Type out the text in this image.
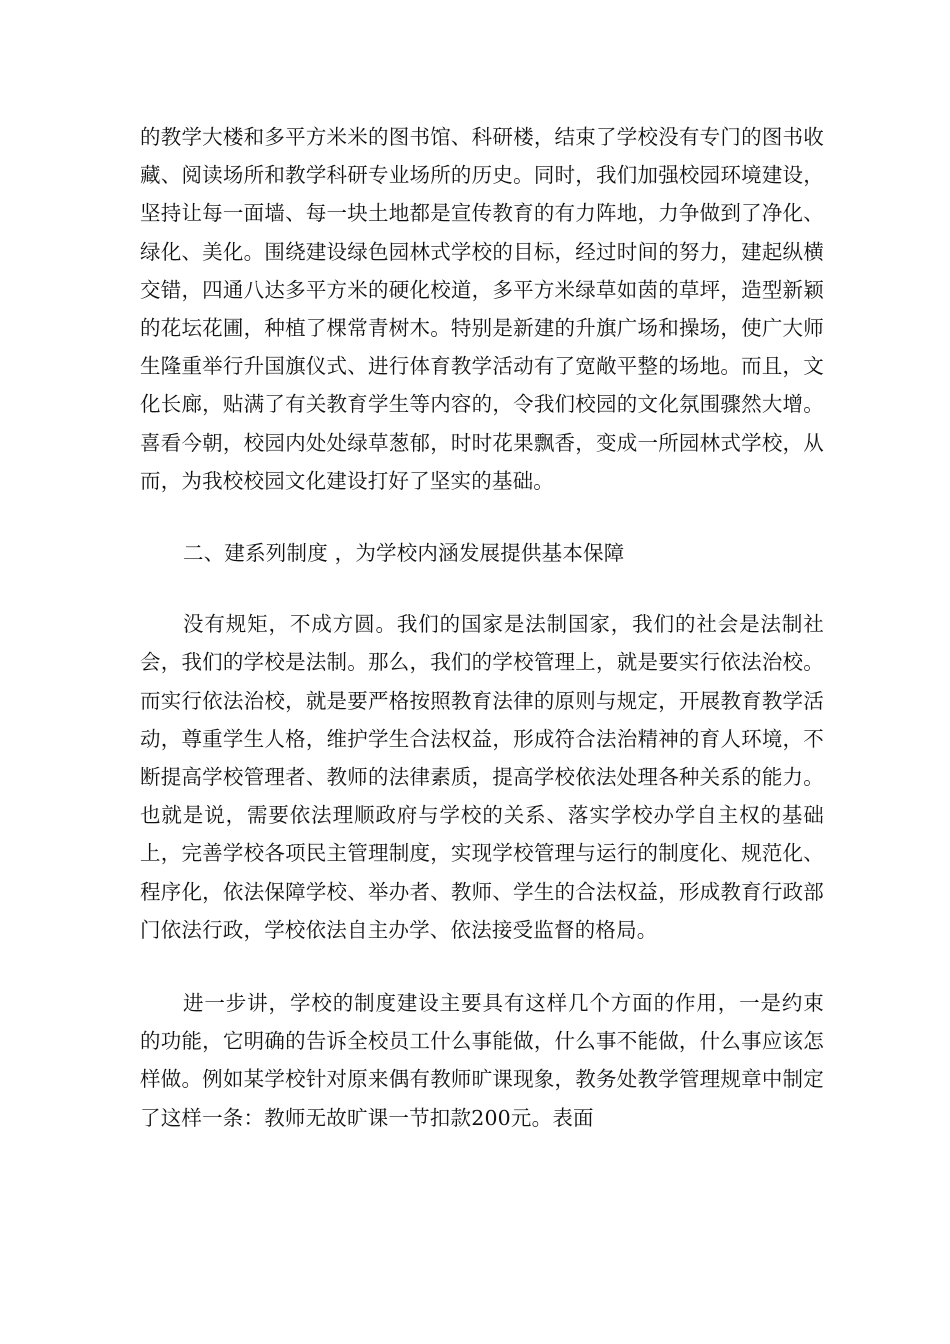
的教学大楼和多平方米米的图书馆、科研楼，结束了学校没有专门的图书收藏、阅读场所和教学科研专业场所的历史。同时，我们加强校园环境建设，坚持让每一面墙、每一块土地都是宣传教育的有力阵地，力争做到了净化、绿化、美化。围绕建设绿色园林式学校的目标，经过时间的努力，建起纵横交错，四通八达多平方米的硬化校道，多平方米绿草如茵的草坪，造型新颖的花坛花圃，种植了棵常青树木。特别是新建的升旗广场和操场，使广大师生隆重举行升国旗仪式、进行体育教学活动有了宽敞平整的场地。而且，文化长廊，贴满了有关教育学生等内容的，令我们校园的文化氛围骤然大增。喜看今朝，校园内处处绿草葱郁，时时花果飘香，变成一所园林式学校，从而，为我校校园文化建设打好了坚实的基础。

二、建系列制度 ，为学校内涵发展提供基本保障

没有规矩，不成方圆。我们的国家是法制国家，我们的社会是法制社会，我们的学校是法制。那么，我们的学校管理上，就是要实行依法治校。而实行依法治校，就是要严格按照教育法律的原则与规定，开展教育教学活动，尊重学生人格，维护学生合法权益，形成符合法治精神的育人环境，不断提高学校管理者、教师的法律素质，提高学校依法处理各种关系的能力。也就是说，需要依法理顺政府与学校的关系、落实学校办学自主权的基础上，完善学校各项民主管理制度，实现学校管理与运行的制度化、规范化、程序化，依法保障学校、举办者、教师、学生的合法权益，形成教育行政部门依法行政，学校依法自主办学、依法接受监督的格局。

进一步讲，学校的制度建设主要具有这样几个方面的作用，一是约束的功能，它明确的告诉全校员工什么事能做，什么事不能做，什么事应该怎样做。例如某学校针对原来偶有教师旷课现象，教务处教学管理规章中制定了这样一条：教师无故旷课一节扣款200元。表面
